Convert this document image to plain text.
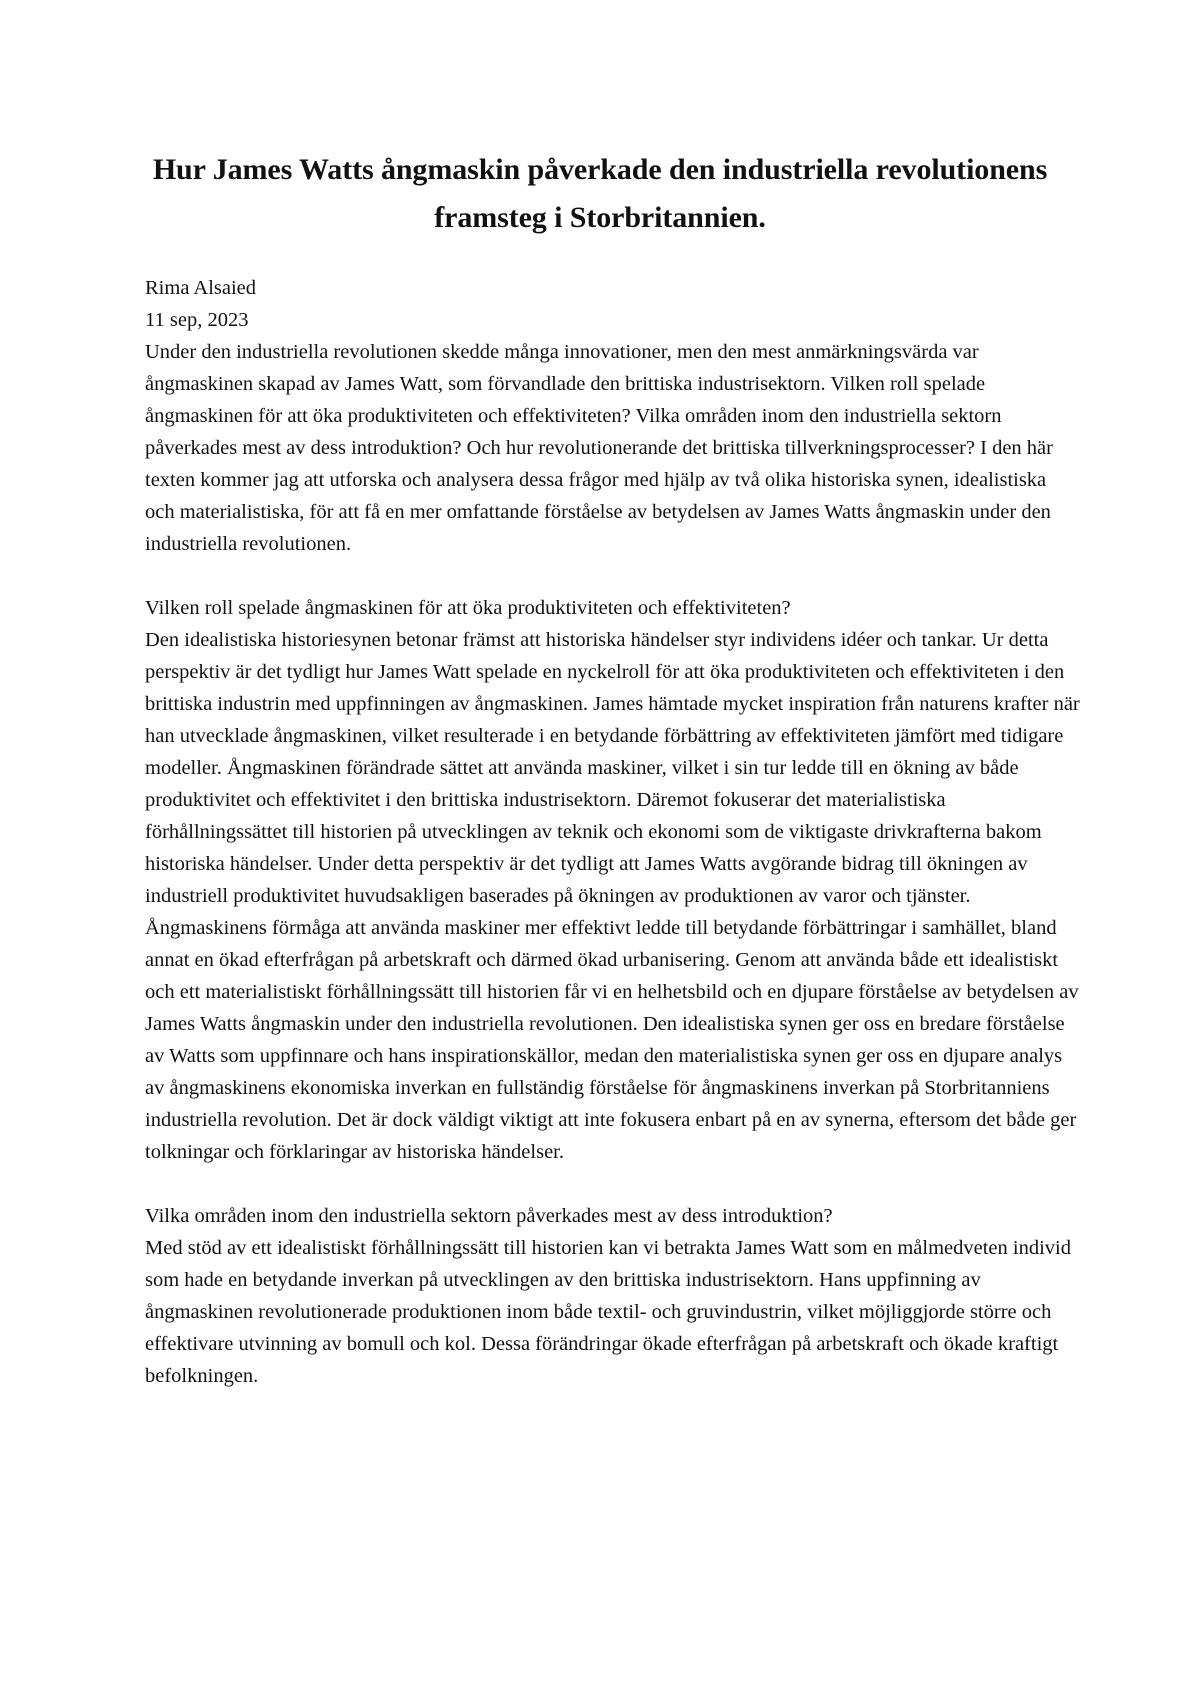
Hur James Watts ångmaskin påverkade den industriella revolutionens framsteg i Storbritannien.

Rima Alsaied

11 sep, 2023

Under den industriella revolutionen skedde många innovationer, men den mest anmärkningsvärda var ångmaskinen skapad av James Watt, som förvandlade den brittiska industrisektorn. Vilken roll spelade ångmaskinen för att öka produktiviteten och effektiviteten? Vilka områden inom den industriella sektorn påverkades mest av dess introduktion? Och hur revolutionerande det brittiska tillverkningsprocesser? I den här texten kommer jag att utforska och analysera dessa frågor med hjälp av två olika historiska synen, idealistiska och materialistiska, för att få en mer omfattande förståelse av betydelsen av James Watts ångmaskin under den industriella revolutionen.

Vilken roll spelade ångmaskinen för att öka produktiviteten och effektiviteten?

Den idealistiska historiesynen betonar främst att historiska händelser styr individens idéer och tankar. Ur detta perspektiv är det tydligt hur James Watt spelade en nyckelroll för att öka produktiviteten och effektiviteten i den brittiska industrin med uppfinningen av ångmaskinen. James hämtade mycket inspiration från naturens krafter när han utvecklade ångmaskinen, vilket resulterade i en betydande förbättring av effektiviteten jämfört med tidigare modeller. Ångmaskinen förändrade sättet att använda maskiner, vilket i sin tur ledde till en ökning av både produktivitet och effektivitet i den brittiska industrisektorn. Däremot fokuserar det materialistiska förhållningssättet till historien på utvecklingen av teknik och ekonomi som de viktigaste drivkrafterna bakom historiska händelser. Under detta perspektiv är det tydligt att James Watts avgörande bidrag till ökningen av industriell produktivitet huvudsakligen baserades på ökningen av produktionen av varor och tjänster. Ångmaskinens förmåga att använda maskiner mer effektivt ledde till betydande förbättringar i samhället, bland annat en ökad efterfrågan på arbetskraft och därmed ökad urbanisering. Genom att använda både ett idealistiskt och ett materialistiskt förhållningssätt till historien får vi en helhetsbild och en djupare förståelse av betydelsen av James Watts ångmaskin under den industriella revolutionen. Den idealistiska synen ger oss en bredare förståelse av Watts som uppfinnare och hans inspirationskällor, medan den materialistiska synen ger oss en djupare analys av ångmaskinens ekonomiska inverkan en fullständig förståelse för ångmaskinens inverkan på Storbritanniens industriella revolution. Det är dock väldigt viktigt att inte fokusera enbart på en av synerna, eftersom det både ger tolkningar och förklaringar av historiska händelser.

Vilka områden inom den industriella sektorn påverkades mest av dess introduktion?

Med stöd av ett idealistiskt förhållningssätt till historien kan vi betrakta James Watt som en målmedveten individ som hade en betydande inverkan på utvecklingen av den brittiska industrisektorn. Hans uppfinning av ångmaskinen revolutionerade produktionen inom både textil- och gruvindustrin, vilket möjliggjorde större och effektivare utvinning av bomull och kol. Dessa förändringar ökade efterfrågan på arbetskraft och ökade kraftigt befolkningen.
